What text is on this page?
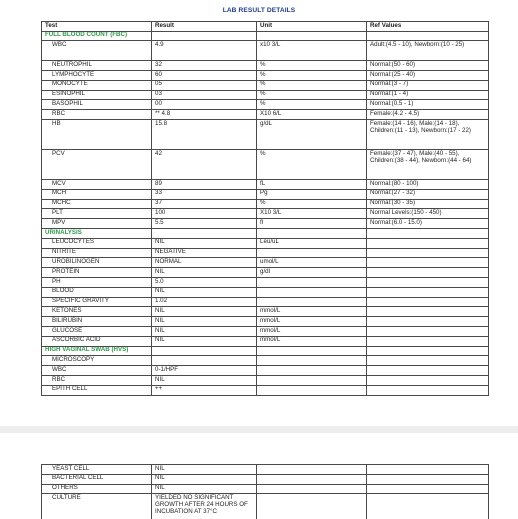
LAB RESULT DETAILS
Test	Result	Unit	Ref Values
FULL BLOOD COUNT (FBC)			
WBC	4.9	x10 3/L	Adult:(4.5 - 10), Newborn:(10 - 25)
NEUTROPHIL	32	%	Normal:(50 - 60)
LYMPHOCYTE	60	%	Normal:(25 - 40)
MONOCYTE	05	%	Normal:(3 - 7)
ESINOPHIL	03	%	Normal:(1 - 4)
BASOPHIL	00	%	Normal:(0.5 - 1)
RBC	** 4.8	X10 6/L	Female:(4.2 - 4.5)
HB	15.8	g/dL	Female:(14 - 16), Male:(14 - 18), Children:(11 - 13), Newborn:(17 - 22)
PCV	42	%	Female:(37 - 47), Male:(40 - 55), Children:(38 - 44), Newborn:(44 - 64)
MCV	89	fL	Normal:(80 - 100)
MCH	33	Pg	Normal:(27 - 32)
MCHC	37	%	Normal:(30 - 35)
PLT	100	X10 3/L	Normal Levels:(150 - 450)
MPV	5.5	fl	Normal:(6.0 - 15.0)
URINALYSIS			
LEUCOCYTES	NIL	Leu/uL	
NITRITE	NEGATIVE		
UROBILINOGEN	NORMAL	umol/L	
PROTEIN	NIL	g/dl	
PH	5.0		
BLOOD	NIL		
SPECIFIC GRAVITY	1.02		
KETONES	NIL	mmol/L	
BILIRUBIN	NIL	mmol/L	
GLUCOSE	NIL	mmol/L	
ASCORBIC ACID	NIL	mmol/L	
HIGH VAGINAL SWAB (HVS)			
MICROSCOPY			
WBC	0-1/HPF		
RBC	NIL		
EPITH CELL	++		
YEAST CELL	NIL		
BACTERIAL CELL	NIL		
OTHERS	NIL		
CULTURE	YIELDED NO SIGNIFICANT GROWTH AFTER 24 HOURS OF INCUBATION AT 37°C		
